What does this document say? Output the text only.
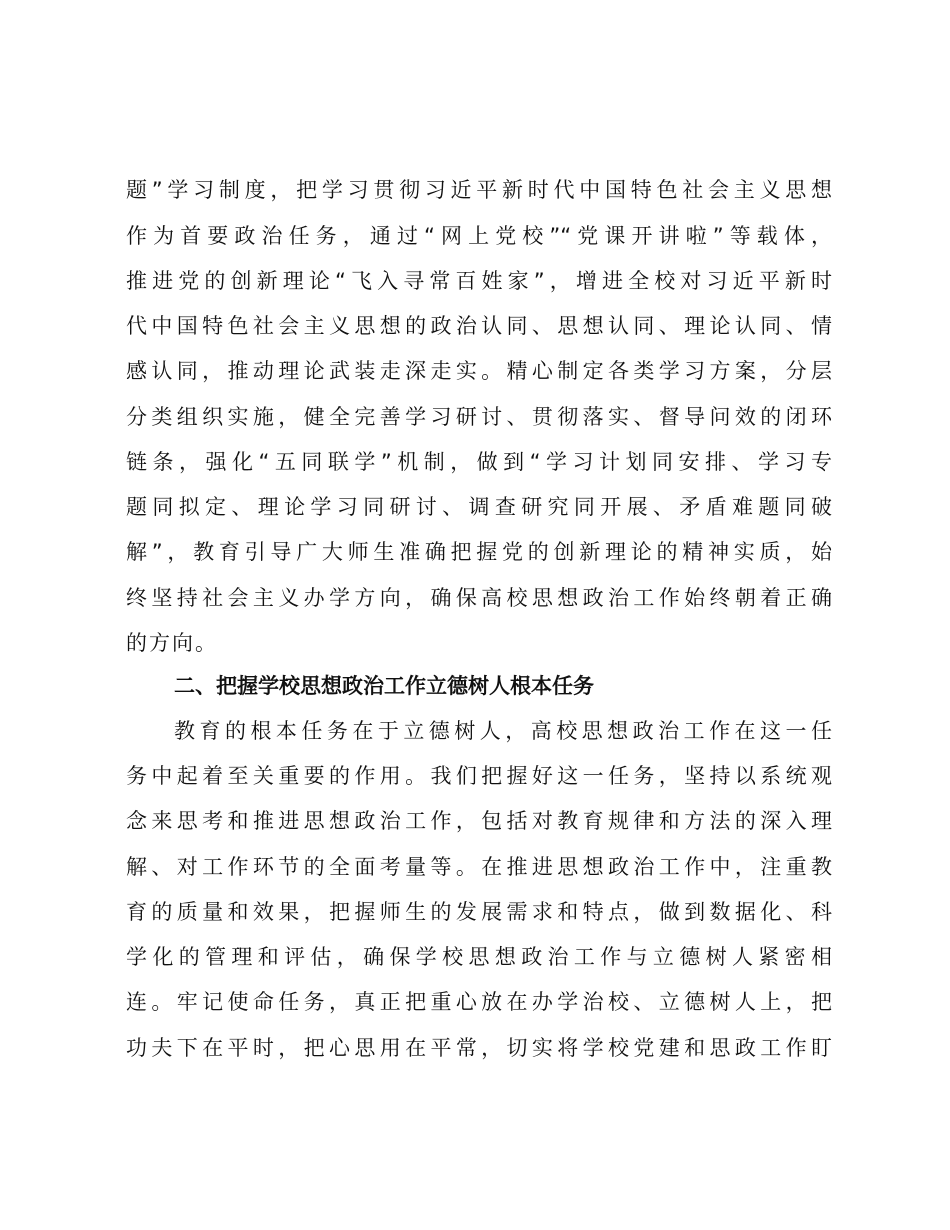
题”学习制度，把学习贯彻习近平新时代中国特色社会主义思想
作为首要政治任务，通过“网上党校”“党课开讲啦”等载体，
推进党的创新理论“飞入寻常百姓家”，增进全校对习近平新时
代中国特色社会主义思想的政治认同、思想认同、理论认同、情
感认同，推动理论武装走深走实。精心制定各类学习方案，分层
分类组织实施，健全完善学习研讨、贯彻落实、督导问效的闭环
链条，强化“五同联学”机制，做到“学习计划同安排、学习专
题同拟定、理论学习同研讨、调查研究同开展、矛盾难题同破
解”，教育引导广大师生准确把握党的创新理论的精神实质，始
终坚持社会主义办学方向，确保高校思想政治工作始终朝着正确
的方向。
二、把握学校思想政治工作立德树人根本任务
教育的根本任务在于立德树人，高校思想政治工作在这一任
务中起着至关重要的作用。我们把握好这一任务，坚持以系统观
念来思考和推进思想政治工作，包括对教育规律和方法的深入理
解、对工作环节的全面考量等。在推进思想政治工作中，注重教
育的质量和效果，把握师生的发展需求和特点，做到数据化、科
学化的管理和评估，确保学校思想政治工作与立德树人紧密相
连。牢记使命任务，真正把重心放在办学治校、立德树人上，把
功夫下在平时，把心思用在平常，切实将学校党建和思政工作盯
